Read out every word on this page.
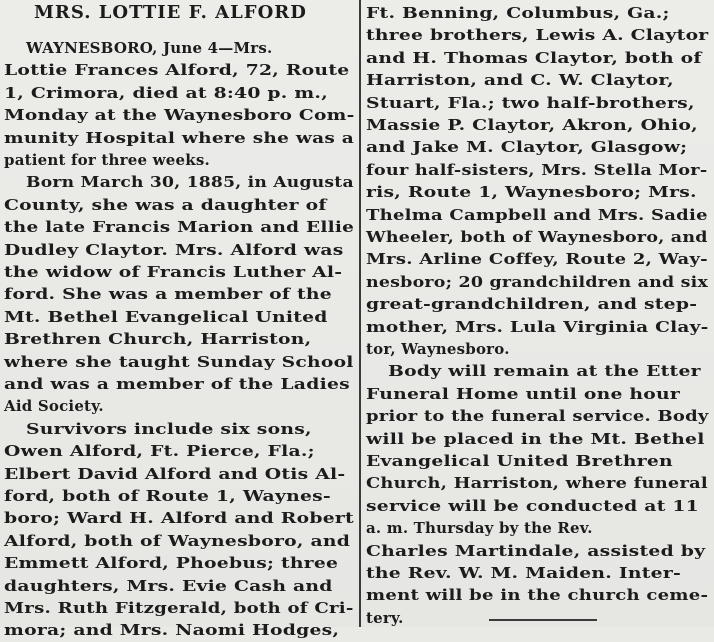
MRS. LOTTIE F. ALFORD
WAYNESBORO, June 4—Mrs.
Lottie Frances Alford, 72, Route
1, Crimora, died at 8:40 p. m.,
Monday at the Waynesboro Com-
munity Hospital where she was a
patient for three weeks.
Born March 30, 1885, in Augusta
County, she was a daughter of
the late Francis Marion and Ellie
Dudley Claytor. Mrs. Alford was
the widow of Francis Luther Al-
ford. She was a member of the
Mt. Bethel Evangelical United
Brethren Church, Harriston,
where she taught Sunday School
and was a member of the Ladies
Aid Society.
Survivors include six sons,
Owen Alford, Ft. Pierce, Fla.;
Elbert David Alford and Otis Al-
ford, both of Route 1, Waynes-
boro; Ward H. Alford and Robert
Alford, both of Waynesboro, and
Emmett Alford, Phoebus; three
daughters, Mrs. Evie Cash and
Mrs. Ruth Fitzgerald, both of Cri-
mora; and Mrs. Naomi Hodges,
Ft. Benning, Columbus, Ga.;
three brothers, Lewis A. Claytor
and H. Thomas Claytor, both of
Harriston, and C. W. Claytor,
Stuart, Fla.; two half-brothers,
Massie P. Claytor, Akron, Ohio,
and Jake M. Claytor, Glasgow;
four half-sisters, Mrs. Stella Mor-
ris, Route 1, Waynesboro; Mrs.
Thelma Campbell and Mrs. Sadie
Wheeler, both of Waynesboro, and
Mrs. Arline Coffey, Route 2, Way-
nesboro; 20 grandchildren and six
great-grandchildren, and step-
mother, Mrs. Lula Virginia Clay-
tor, Waynesboro.
Body will remain at the Etter
Funeral Home until one hour
prior to the funeral service. Body
will be placed in the Mt. Bethel
Evangelical United Brethren
Church, Harriston, where funeral
service will be conducted at 11
a. m. Thursday by the Rev.
Charles Martindale, assisted by
the Rev. W. M. Maiden. Inter-
ment will be in the church ceme-
tery.
